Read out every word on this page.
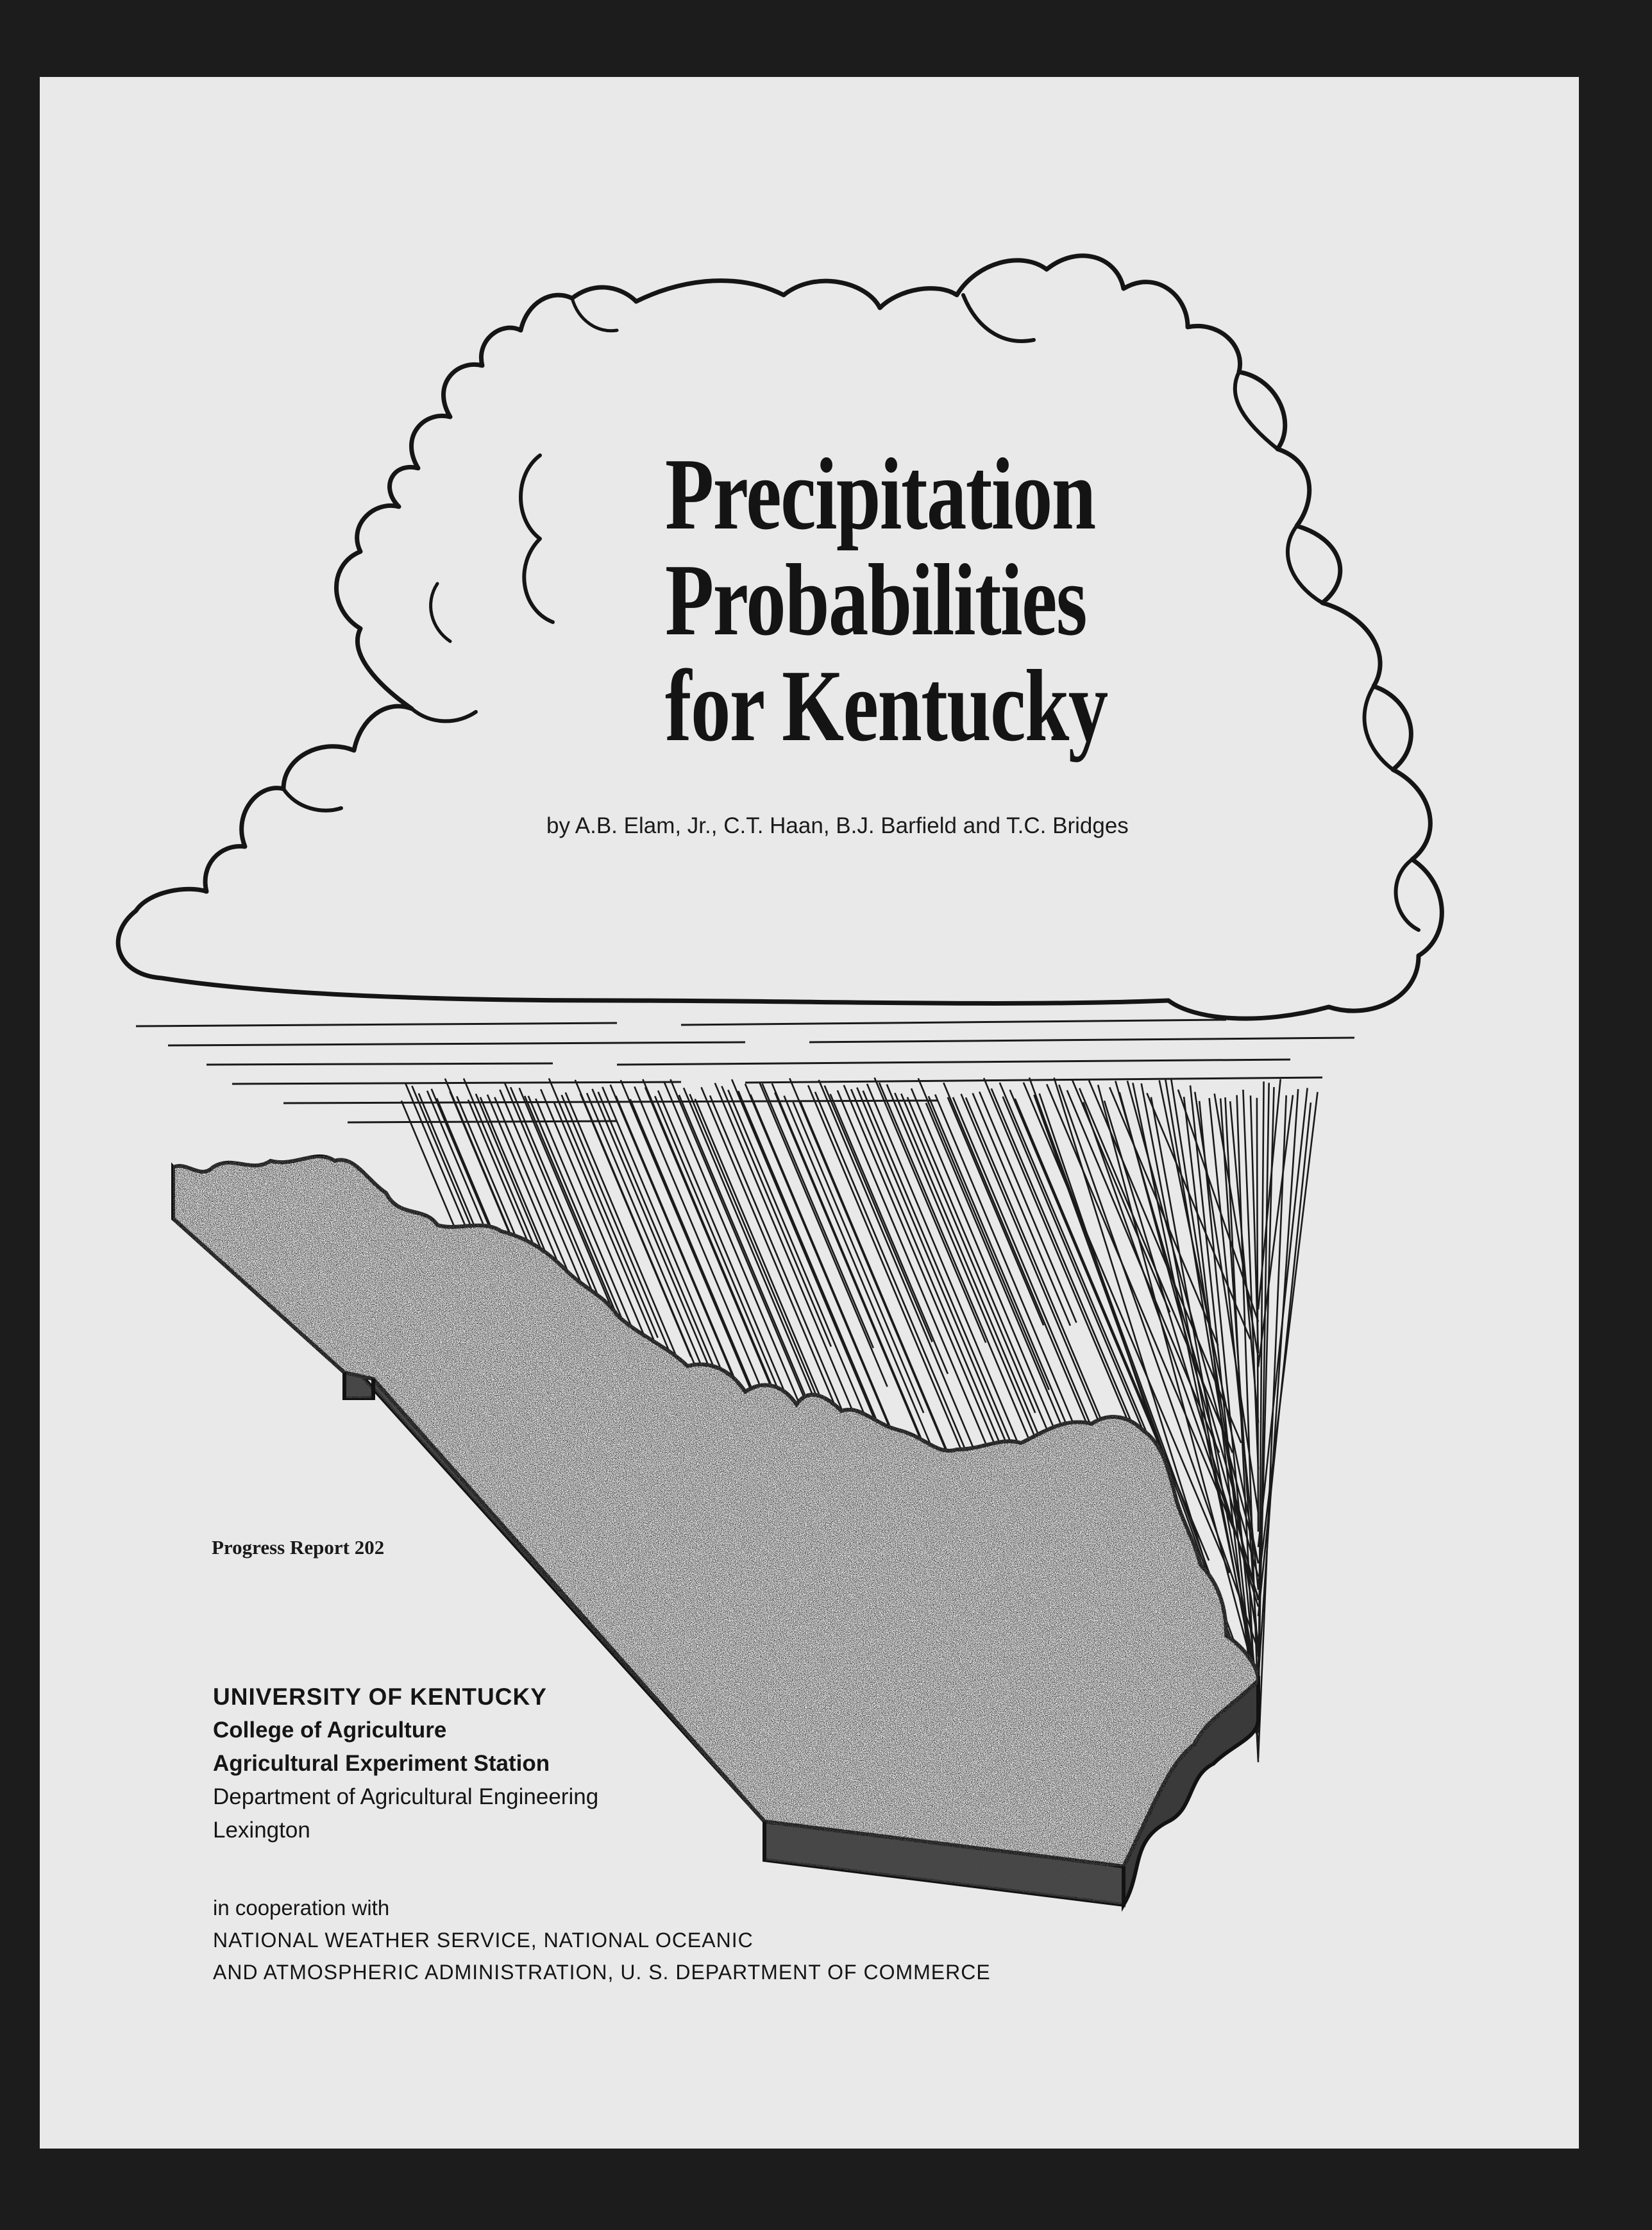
Precipitation
Probabilities
for Kentucky
by A.B. Elam, Jr., C.T. Haan, B.J. Barfield and T.C. Bridges
Progress Report 202
UNIVERSITY OF KENTUCKY
College of Agriculture
Agricultural Experiment Station
Department of Agricultural Engineering
Lexington
in cooperation with
NATIONAL WEATHER SERVICE, NATIONAL OCEANIC
AND ATMOSPHERIC ADMINISTRATION, U. S. DEPARTMENT OF COMMERCE
